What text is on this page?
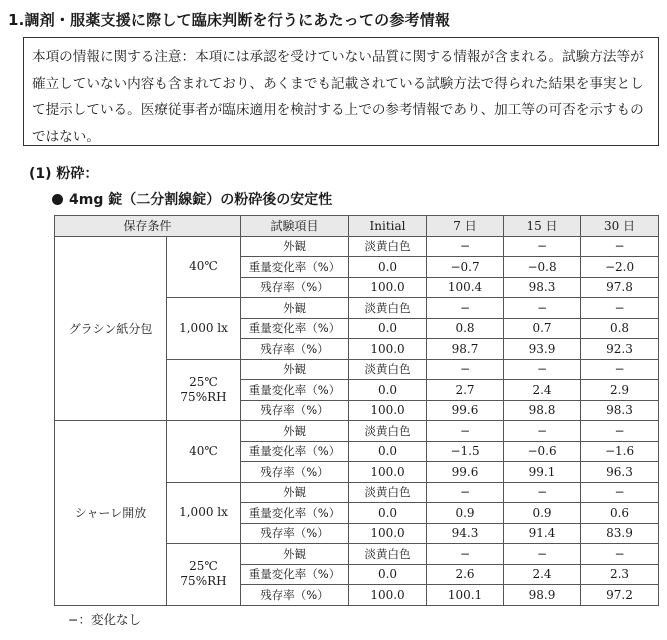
1.調剤・服薬支援に際して臨床判断を行うにあたっての参考情報

本項の情報に関する注意：本項には承認を受けていない品質に関する情報が含まれる。試験方法等が確立していない内容も含まれており、あくまでも記載されている試験方法で得られた結果を事実として提示している。医療従事者が臨床適用を検討する上での参考情報であり、加工等の可否を示すものではない。

(1) 粉砕：
4mg 錠（二分割線錠）の粉砕後の安定性
保存条件		試験項目	Initial	7 日	15 日	30 日
グラシン紙分包	40℃	外観	淡黄白色	−	−	−
		重量変化率（%）	0.0	−0.7	−0.8	−2.0
		残存率（%）	100.0	100.4	98.3	97.8
	1,000 lx	外観	淡黄白色	−	−	−
		重量変化率（%）	0.0	0.8	0.7	0.8
		残存率（%）	100.0	98.7	93.9	92.3
	25℃
75%RH	外観	淡黄白色	−	−	−
		重量変化率（%）	0.0	2.7	2.4	2.9
		残存率（%）	100.0	99.6	98.8	98.3
シャーレ開放	40℃	外観	淡黄白色	−	−	−
		重量変化率（%）	0.0	−1.5	−0.6	−1.6
		残存率（%）	100.0	99.6	99.1	96.3
	1,000 lx	外観	淡黄白色	−	−	−
		重量変化率（%）	0.0	0.9	0.9	0.6
		残存率（%）	100.0	94.3	91.4	83.9
	25℃
75%RH	外観	淡黄白色	−	−	−
		重量変化率（%）	0.0	2.6	2.4	2.3
		残存率（%）	100.0	100.1	98.9	97.2
−：変化なし
